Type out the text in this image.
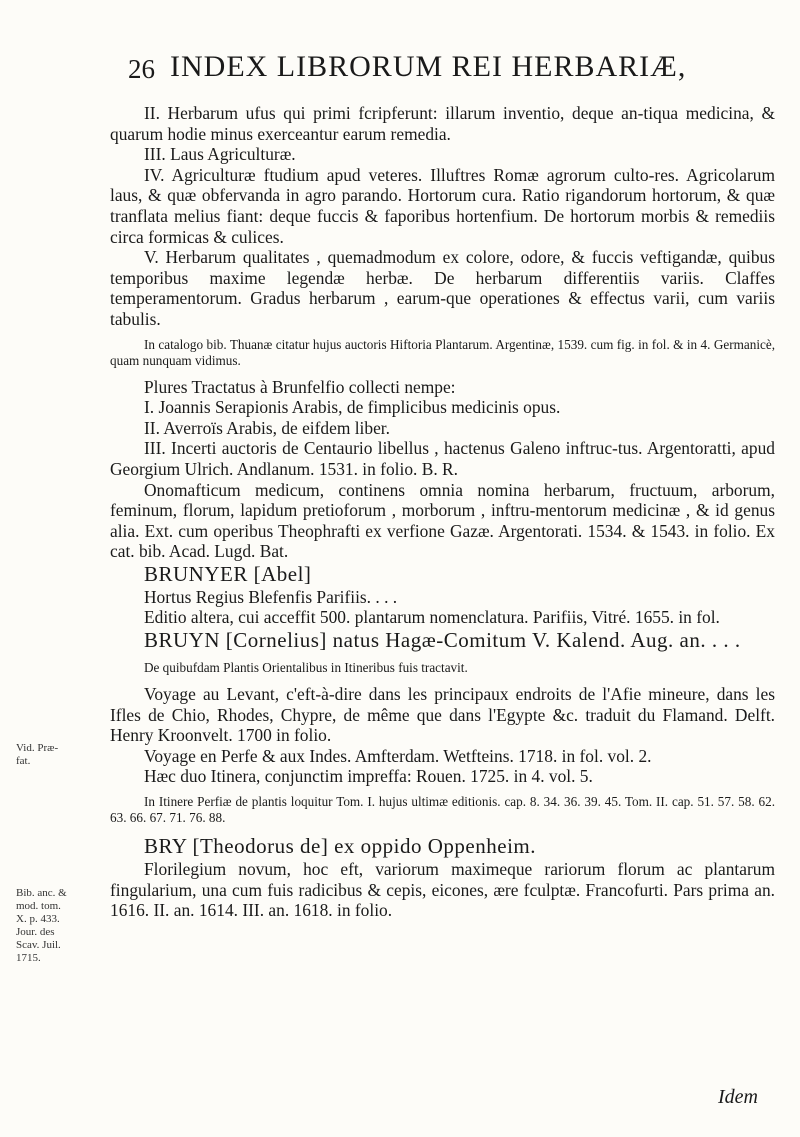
26 INDEX LIBRORUM REI HERBARIÆ,

II. Herbarum ufus qui primi fcripferunt: illarum inventio, deque an-tiqua medicina, & quarum hodie minus exerceantur earum remedia.

III. Laus Agriculturæ.

IV. Agriculturæ ftudium apud veteres. Illuftres Romæ agrorum culto-res. Agricolarum laus, & quæ obfervanda in agro parando. Hortorum cura. Ratio rigandorum hortorum, & quæ tranflata melius fiant: deque fuccis & faporibus hortenfium. De hortorum morbis & remediis circa formicas & culices.

V. Herbarum qualitates , quemadmodum ex colore, odore, & fuccis veftigandæ, quibus temporibus maxime legendæ herbæ. De herbarum differentiis variis. Claffes temperamentorum. Gradus herbarum , earum-que operationes & effectus varii, cum variis tabulis.

In catalogo bib. Thuanæ citatur hujus auctoris Hiftoria Plantarum. Argentinæ, 1539. cum fig. in fol. & in 4. Germanicè, quam nunquam vidimus.

Plures Tractatus à Brunfelfio collecti nempe:

I. Joannis Serapionis Arabis, de fimplicibus medicinis opus.

II. Averroïs Arabis, de eifdem liber.

III. Incerti auctoris de Centaurio libellus , hactenus Galeno inftruc-tus. Argentoratti, apud Georgium Ulrich. Andlanum. 1531. in folio. B. R.

Onomafticum medicum, continens omnia nomina herbarum, fructuum, arborum, feminum, florum, lapidum pretioforum , morborum , inftru-mentorum medicinæ , & id genus alia. Ext. cum operibus Theophrafti ex verfione Gazæ. Argentorati. 1534. & 1543. in folio. Ex cat. bib. Acad. Lugd. Bat.

BRUNYER [Abel]

Hortus Regius Blefenfis Parifiis. . . .

Editio altera, cui acceffit 500. plantarum nomenclatura. Parifiis, Vitré. 1655. in fol.

BRUYN [Cornelius] natus Hagæ-Comitum V. Kalend. Aug. an. . . .

De quibufdam Plantis Orientalibus in Itineribus fuis tractavit.

Voyage au Levant, c'eft-à-dire dans les principaux endroits de l'Afie mineure, dans les Ifles de Chio, Rhodes, Chypre, de même que dans l'Egypte &c. traduit du Flamand. Delft. Henry Kroonvelt. 1700 in folio.

Voyage en Perfe & aux Indes. Amfterdam. Wetfteins. 1718. in fol. vol. 2.

Hæc duo Itinera, conjunctim impreffa: Rouen. 1725. in 4. vol. 5.

In Itinere Perfiæ de plantis loquitur Tom. I. hujus ultimæ editionis. cap. 8. 34. 36. 39. 45. Tom. II. cap. 51. 57. 58. 62. 63. 66. 67. 71. 76. 88.

BRY [Theodorus de] ex oppido Oppenheim.

Florilegium novum, hoc eft, variorum maximeque rariorum florum ac plantarum fingularium, una cum fuis radicibus & cepis, eicones, ære fculptæ. Francofurti. Pars prima an. 1616. II. an. 1614. III. an. 1618. in folio.

Vid. Præ-fat.
Bib. anc. & mod. tom. X. p. 433. Jour. des Scav. Juil. 1715.
Idem
